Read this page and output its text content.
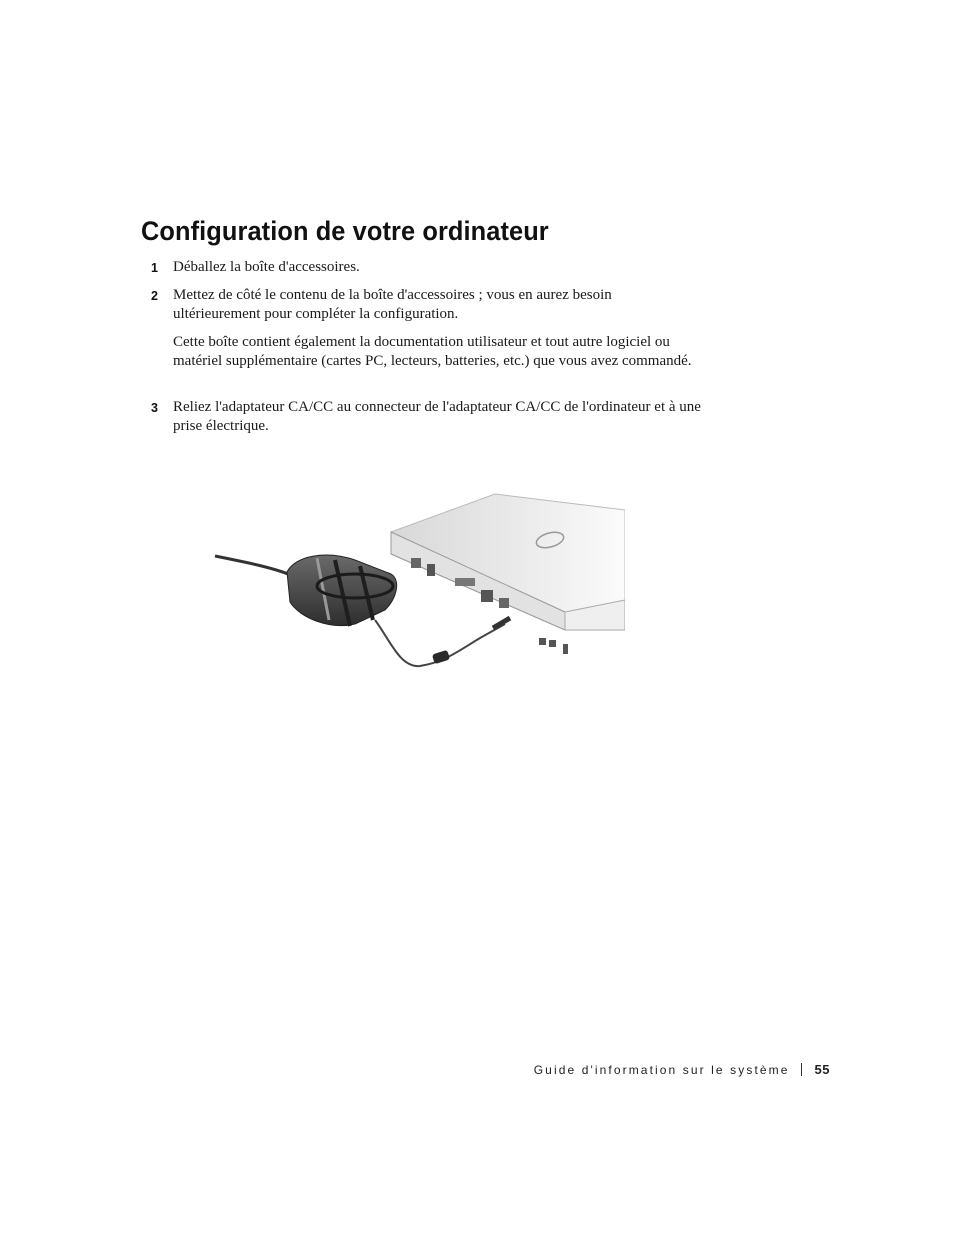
Configuration de votre ordinateur
1 Déballez la boîte d'accessoires.
2 Mettez de côté le contenu de la boîte d'accessoires ; vous en aurez besoin ultérieurement pour compléter la configuration.
Cette boîte contient également la documentation utilisateur et tout autre logiciel ou matériel supplémentaire (cartes PC, lecteurs, batteries, etc.) que vous avez commandé.
3 Reliez l'adaptateur CA/CC au connecteur de l'adaptateur CA/CC de l'ordinateur et à une prise électrique.
Guide d'information sur le système 55
